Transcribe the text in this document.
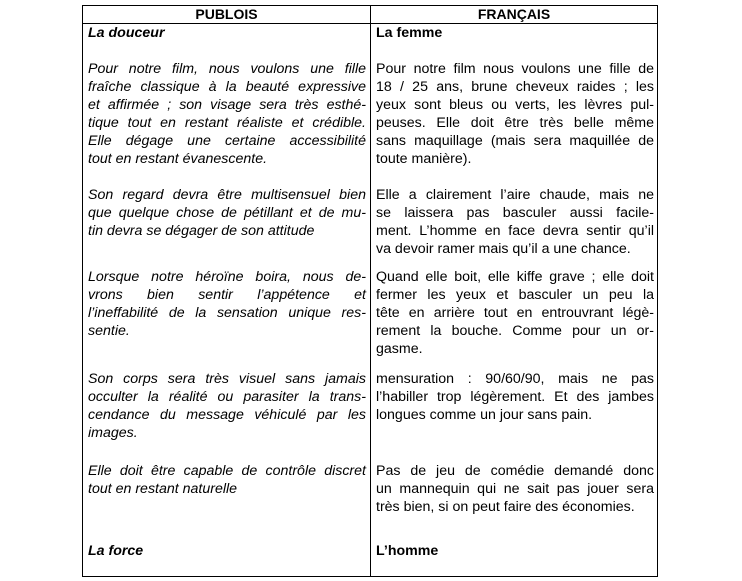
PUBLOIS	FRANÇAIS
La douceur
Pour notre film, nous voulons une fille
fraîche classique à la beauté expressive
et affirmée ; son visage sera très esthé-
tique tout en restant réaliste et crédible.
Elle dégage une certaine accessibilité
tout en restant évanescente.
Son regard devra être multisensuel bien
que quelque chose de pétillant et de mu-
tin devra se dégager de son attitude
Lorsque notre héroïne boira, nous de-
vrons bien sentir l’appétence et
l’ineffabilité de la sensation unique res-
sentie.
Son corps sera très visuel sans jamais
occulter la réalité ou parasiter la trans-
cendance du message véhiculé par les
images.
Elle doit être capable de contrôle discret
tout en restant naturelle
La force
La femme
Pour notre film nous voulons une fille de
18 / 25 ans, brune cheveux raides ; les
yeux sont bleus ou verts, les lèvres pul-
peuses. Elle doit être très belle même
sans maquillage (mais sera maquillée de
toute manière).
Elle a clairement l’aire chaude, mais ne
se laissera pas basculer aussi facile-
ment. L’homme en face devra sentir qu’il
va devoir ramer mais qu’il a une chance.
Quand elle boit, elle kiffe grave ; elle doit
fermer les yeux et basculer un peu la
tête en arrière tout en entrouvrant légè-
rement la bouche. Comme pour un or-
gasme.
mensuration : 90/60/90, mais ne pas
l’habiller trop légèrement. Et des jambes
longues comme un jour sans pain.
Pas de jeu de comédie demandé donc
un mannequin qui ne sait pas jouer sera
très bien, si on peut faire des économies.
L’homme
